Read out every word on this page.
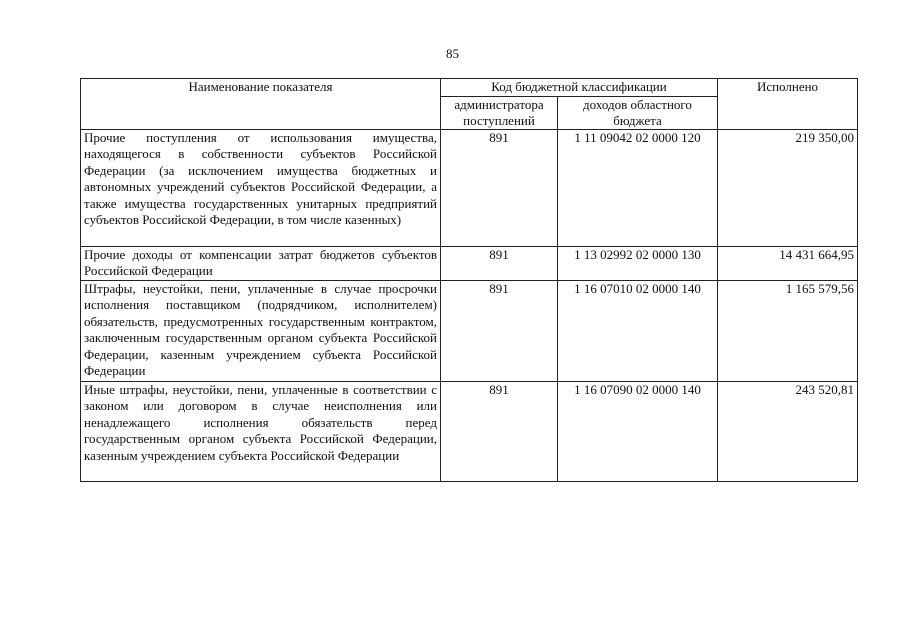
85
Наименование показателя	Код бюджетной классификации		Исполнено
	администратора поступлений	доходов областного бюджета	
Прочие поступления от использования имущества, находящегося в собственности субъектов Российской Федерации (за исключением имущества бюджетных и автономных учреждений субъектов Российской Федерации, а также имущества государственных унитарных предприятий субъектов Российской Федерации, в том числе казенных)	891	1 11 09042 02 0000 120	219 350,00
Прочие доходы от компенсации затрат бюджетов субъектов Российской Федерации	891	1 13 02992 02 0000 130	14 431 664,95
Штрафы, неустойки, пени, уплаченные в случае просрочки исполнения поставщиком (подрядчиком, исполнителем) обязательств, предусмотренных государственным контрактом, заключенным государственным органом субъекта Российской Федерации, казенным учреждением субъекта Российской Федерации	891	1 16 07010 02 0000 140	1 165 579,56
Иные штрафы, неустойки, пени, уплаченные в соответствии с законом или договором в случае неисполнения или ненадлежащего исполнения обязательств перед государственным органом субъекта Российской Федерации, казенным учреждением субъекта Российской Федерации	891	1 16 07090 02 0000 140	243 520,81
